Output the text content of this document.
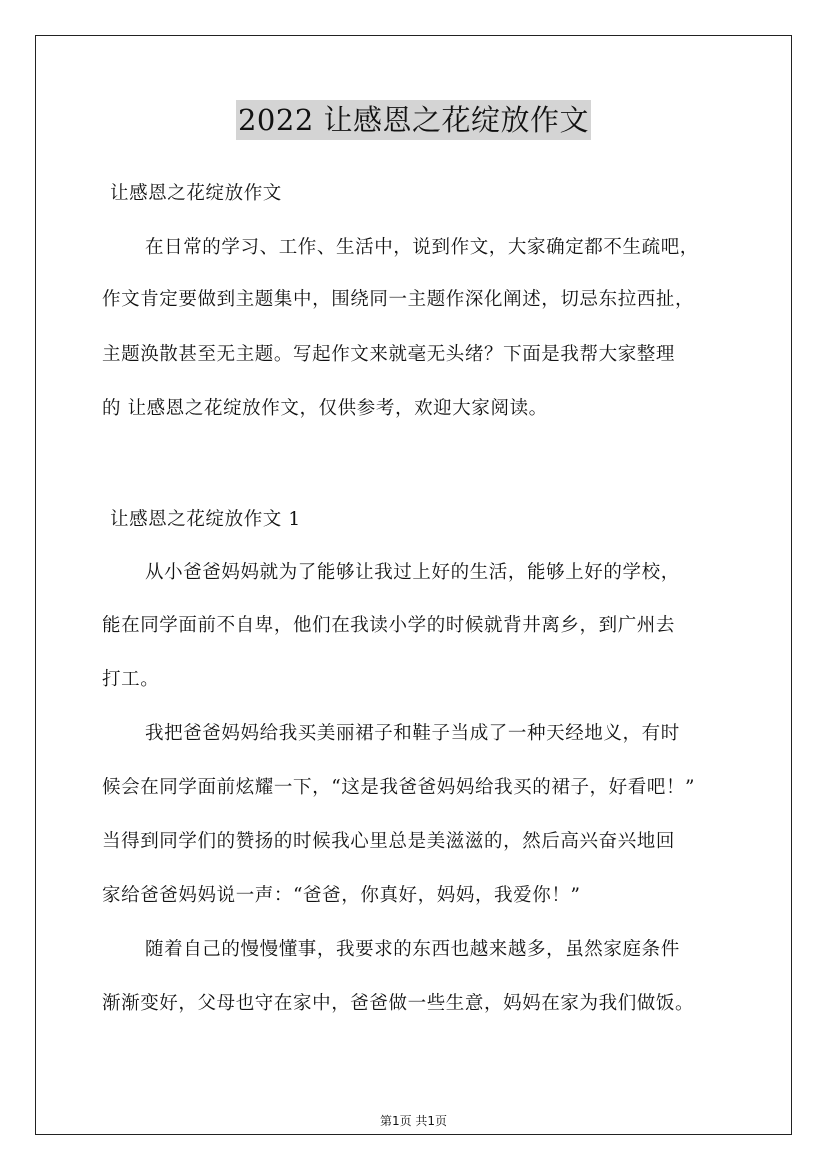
2022 让感恩之花绽放作文
让感恩之花绽放作文
在日常的学习、工作、生活中，说到作文，大家确定都不生疏吧，
作文肯定要做到主题集中，围绕同一主题作深化阐述，切忌东拉西扯，
主题涣散甚至无主题。写起作文来就毫无头绪？下面是我帮大家整理
的 让感恩之花绽放作文，仅供参考，欢迎大家阅读。
让感恩之花绽放作文 1
从小爸爸妈妈就为了能够让我过上好的生活，能够上好的学校，
能在同学面前不自卑，他们在我读小学的时候就背井离乡，到广州去
打工。
我把爸爸妈妈给我买美丽裙子和鞋子当成了一种天经地义，有时
候会在同学面前炫耀一下，“这是我爸爸妈妈给我买的裙子，好看吧！”
当得到同学们的赞扬的时候我心里总是美滋滋的，然后高兴奋兴地回
家给爸爸妈妈说一声：“爸爸，你真好，妈妈，我爱你！”
随着自己的慢慢懂事，我要求的东西也越来越多，虽然家庭条件
渐渐变好，父母也守在家中，爸爸做一些生意，妈妈在家为我们做饭。
第1页 共1页
